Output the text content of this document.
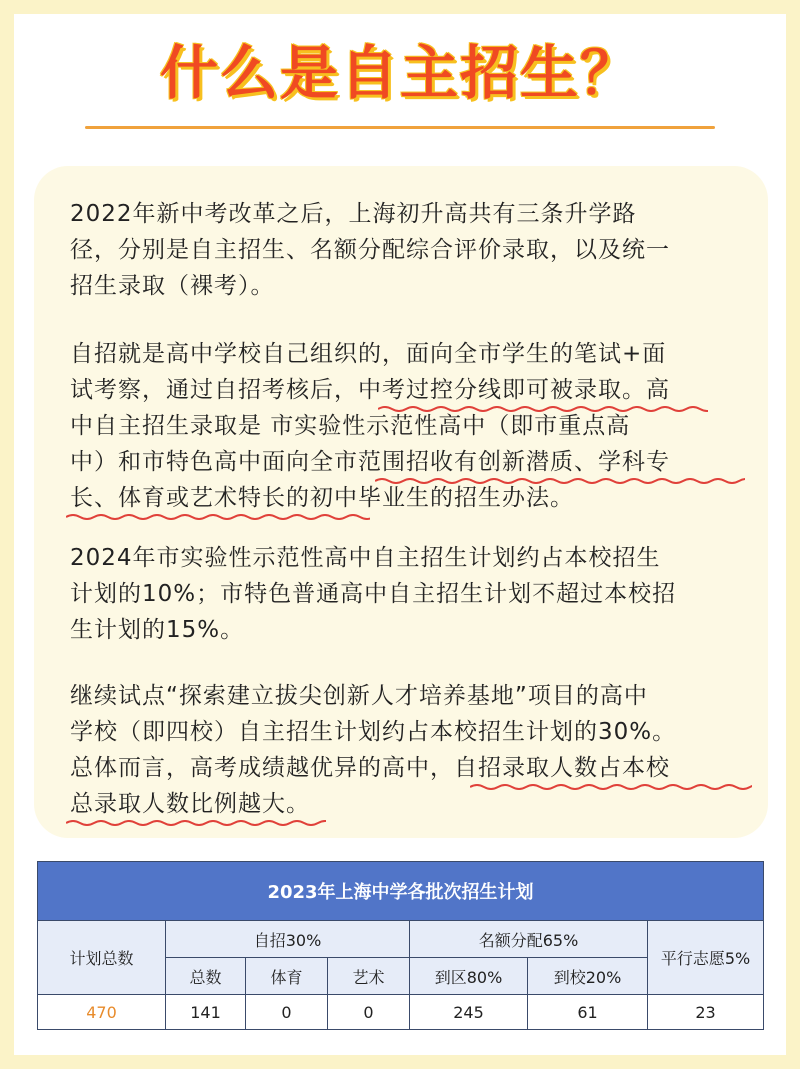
什么是自主招生？
2022年新中考改革之后，上海初升高共有三条升学路
径，分别是自主招生、名额分配综合评价录取，以及统一
招生录取（裸考）。
自招就是高中学校自己组织的，面向全市学生的笔试+面
试考察，通过自招考核后，中考过控分线即可被录取。高
中自主招生录取是 市实验性示范性高中（即市重点高
中）和市特色高中面向全市范围招收有创新潜质、学科专
长、体育或艺术特长的初中毕业生的招生办法。
2024年市实验性示范性高中自主招生计划约占本校招生
计划的10%；市特色普通高中自主招生计划不超过本校招
生计划的15%。
继续试点“探索建立拔尖创新人才培养基地”项目的高中
学校（即四校）自主招生计划约占本校招生计划的30%。
总体而言，高考成绩越优异的高中，自招录取人数占本校
总录取人数比例越大。
2023年上海中学各批次招生计划						
计划总数	自招30%			名额分配65%		平行志愿5%
	总数	体育	艺术	到区80%	到校20%	
470	141	0	0	245	61	23
